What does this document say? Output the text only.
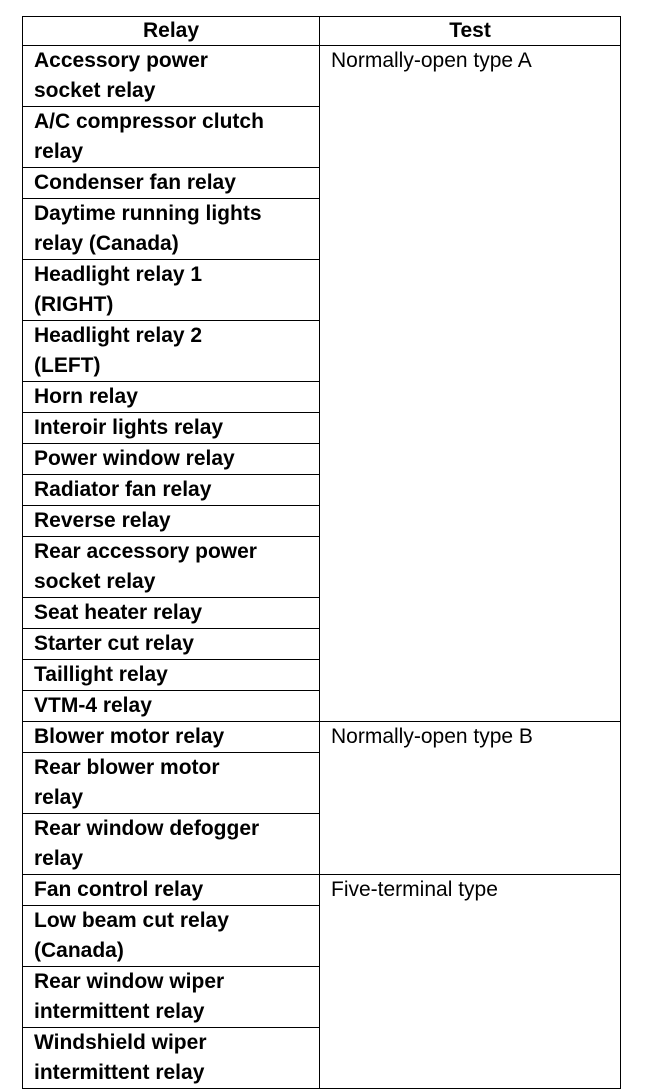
Relay	Test

Accessory power
socket relay	Normally-open type A

A/C compressor clutch
relay	

Condenser fan relay	

Daytime running lights
relay (Canada)	

Headlight relay 1
(RIGHT)	

Headlight relay 2
(LEFT)	

Horn relay	

Interoir lights relay	

Power window relay	

Radiator fan relay	

Reverse relay	

Rear accessory power
socket relay	

Seat heater relay	

Starter cut relay	

Taillight relay	

VTM-4 relay	

Blower motor relay	Normally-open type B

Rear blower motor
relay	

Rear window defogger
relay	

Fan control relay	Five-terminal type

Low beam cut relay
(Canada)	

Rear window wiper
intermittent relay	

Windshield wiper
intermittent relay	
